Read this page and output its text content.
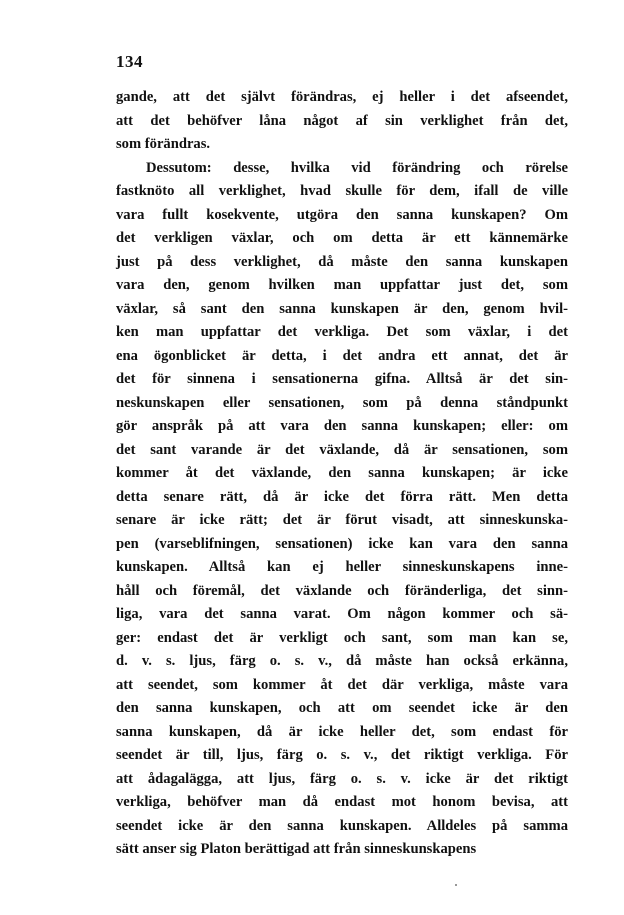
134
gande, att det självt förändras, ej heller i det afseendet,
att det behöfver låna något af sin verklighet från det,
som förändras.
Dessutom: desse, hvilka vid förändring och rörelse
fastknöto all verklighet, hvad skulle för dem, ifall de ville
vara fullt kosekvente, utgöra den sanna kunskapen? Om
det verkligen växlar, och om detta är ett kännemärke
just på dess verklighet, då måste den sanna kunskapen
vara den, genom hvilken man uppfattar just det, som
växlar, så sant den sanna kunskapen är den, genom hvil-
ken man uppfattar det verkliga. Det som växlar, i det
ena ögonblicket är detta, i det andra ett annat, det är
det för sinnena i sensationerna gifna. Alltså är det sin-
neskunskapen eller sensationen, som på denna ståndpunkt
gör anspråk på att vara den sanna kunskapen; eller: om
det sant varande är det växlande, då är sensationen, som
kommer åt det växlande, den sanna kunskapen; är icke
detta senare rätt, då är icke det förra rätt. Men detta
senare är icke rätt; det är förut visadt, att sinneskunska-
pen (varseblifningen, sensationen) icke kan vara den sanna
kunskapen. Alltså kan ej heller sinneskunskapens inne-
håll och föremål, det växlande och föränderliga, det sinn-
liga, vara det sanna varat. Om någon kommer och sä-
ger: endast det är verkligt och sant, som man kan se,
d. v. s. ljus, färg o. s. v., då måste han också erkänna,
att seendet, som kommer åt det där verkliga, måste vara
den sanna kunskapen, och att om seendet icke är den
sanna kunskapen, då är icke heller det, som endast för
seendet är till, ljus, färg o. s. v., det riktigt verkliga. För
att ådagalägga, att ljus, färg o. s. v. icke är det riktigt
verkliga, behöfver man då endast mot honom bevisa, att
seendet icke är den sanna kunskapen. Alldeles på samma
sätt anser sig Platon berättigad att från sinneskunskapens
